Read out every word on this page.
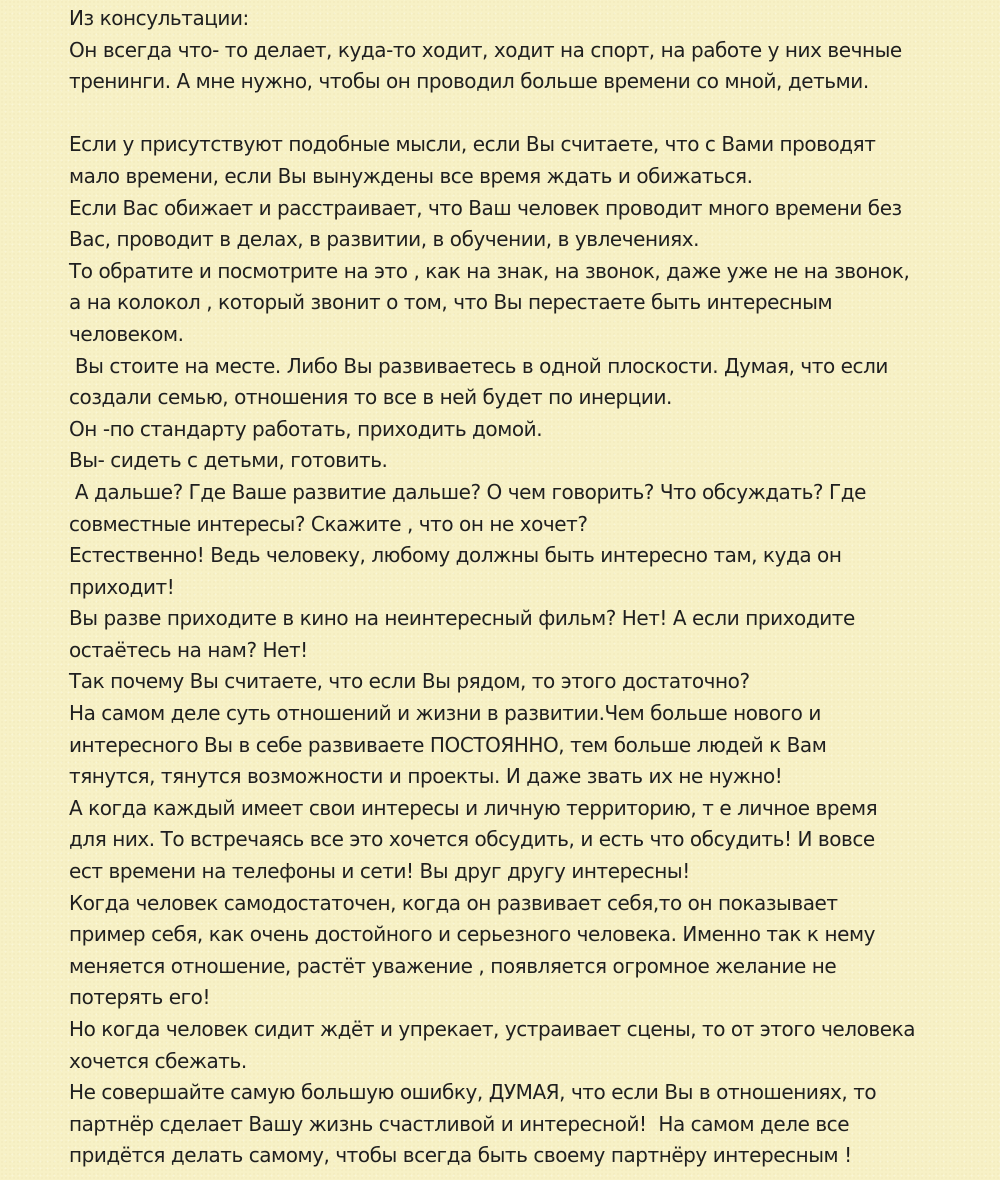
Из консультации:
Он всегда что- то делает, куда-то ходит, ходит на спорт, на работе у них вечные
тренинги. А мне нужно, чтобы он проводил больше времени со мной, детьми.
Если у присутствуют подобные мысли, если Вы считаете, что с Вами проводят
мало времени, если Вы вынуждены все время ждать и обижаться.
Если Вас обижает и расстраивает, что Ваш человек проводит много времени без
Вас, проводит в делах, в развитии, в обучении, в увлечениях.
То обратите и посмотрите на это , как на знак, на звонок, даже уже не на звонок,
а на колокол , который звонит о том, что Вы перестаете быть интересным
человеком.
Вы стоите на месте. Либо Вы развиваетесь в одной плоскости. Думая, что если
создали семью, отношения то все в ней будет по инерции.
Он -по стандарту работать, приходить домой.
Вы- сидеть с детьми, готовить.
А дальше? Где Ваше развитие дальше? О чем говорить? Что обсуждать? Где
совместные интересы? Скажите , что он не хочет?
Естественно! Ведь человеку, любому должны быть интересно там, куда он
приходит!
Вы разве приходите в кино на неинтересный фильм? Нет! А если приходите
остаётесь на нам? Нет!
Так почему Вы считаете, что если Вы рядом, то этого достаточно?
На самом деле суть отношений и жизни в развитии.Чем больше нового и
интересного Вы в себе развиваете ПОСТОЯННО, тем больше людей к Вам
тянутся, тянутся возможности и проекты. И даже звать их не нужно!
А когда каждый имеет свои интересы и личную территорию, т е личное время
для них. То встречаясь все это хочется обсудить, и есть что обсудить! И вовсе
ест времени на телефоны и сети! Вы друг другу интересны!
Когда человек самодостаточен, когда он развивает себя,то он показывает
пример себя, как очень достойного и серьезного человека. Именно так к нему
меняется отношение, растёт уважение , появляется огромное желание не
потерять его!
Но когда человек сидит ждёт и упрекает, устраивает сцены, то от этого человека
хочется сбежать.
Не совершайте самую большую ошибку, ДУМАЯ, что если Вы в отношениях, то
партнёр сделает Вашу жизнь счастливой и интересной!  На самом деле все
придётся делать самому, чтобы всегда быть своему партнёру интересным !
